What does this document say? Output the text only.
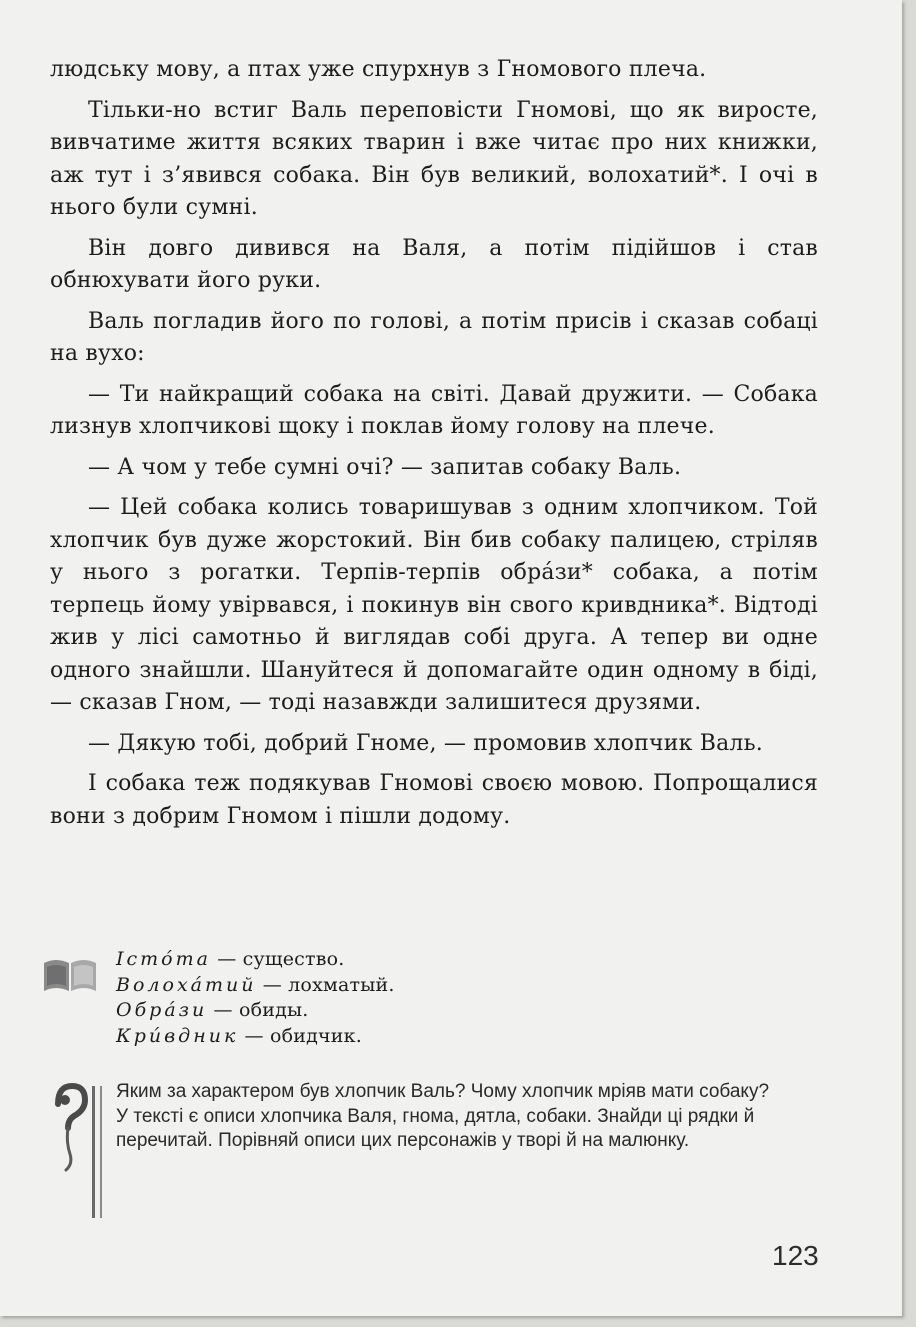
людську мову, а птах уже спурхнув з Гномового плеча.

Тільки-но встиг Валь переповісти Гномові, що як виросте, вивчатиме життя всяких тварин і вже читає про них книжки, аж тут і з’явився собака. Він був великий, волохатий*. І очі в нього були сумні.

Він довго дивився на Валя, а потім підійшов і став обнюхувати його руки.

Валь погладив його по голові, а потім присів і сказав собаці на вухо:

— Ти найкращий собака на світі. Давай дружити. — Собака лизнув хлопчикові щоку і поклав йому голову на плече.

— А чом у тебе сумні очі? — запитав собаку Валь.

— Цей собака колись товаришував з одним хлопчиком. Той хлопчик був дуже жорстокий. Він бив собаку палицею, стріляв у нього з рогатки. Терпів-терпів обрáзи* собака, а потім терпець йому увірвався, і покинув він свого кривдника*. Відтоді жив у лісі самотньо й виглядав собі друга. А тепер ви одне одного знайшли. Шануйтеся й допомагайте один одному в біді, — сказав Гном, — тоді назавжди залишитеся друзями.

— Дякую тобі, добрий Гноме, — промовив хлопчик Валь.

І собака теж подякував Гномові своєю мовою. Попрощалися вони з добрим Гномом і пішли додому.

Істóта — существо.
Волохáтий — лохматый.
Обрáзи — обиды.
Крúвдник — обидчик.

Яким за характером був хлопчик Валь? Чому хлопчик мріяв мати собаку?

У тексті є описи хлопчика Валя, гнома, дятла, собаки. Знайди ці рядки й перечитай. Порівняй описи цих персонажів у творі й на малюнку.

123
